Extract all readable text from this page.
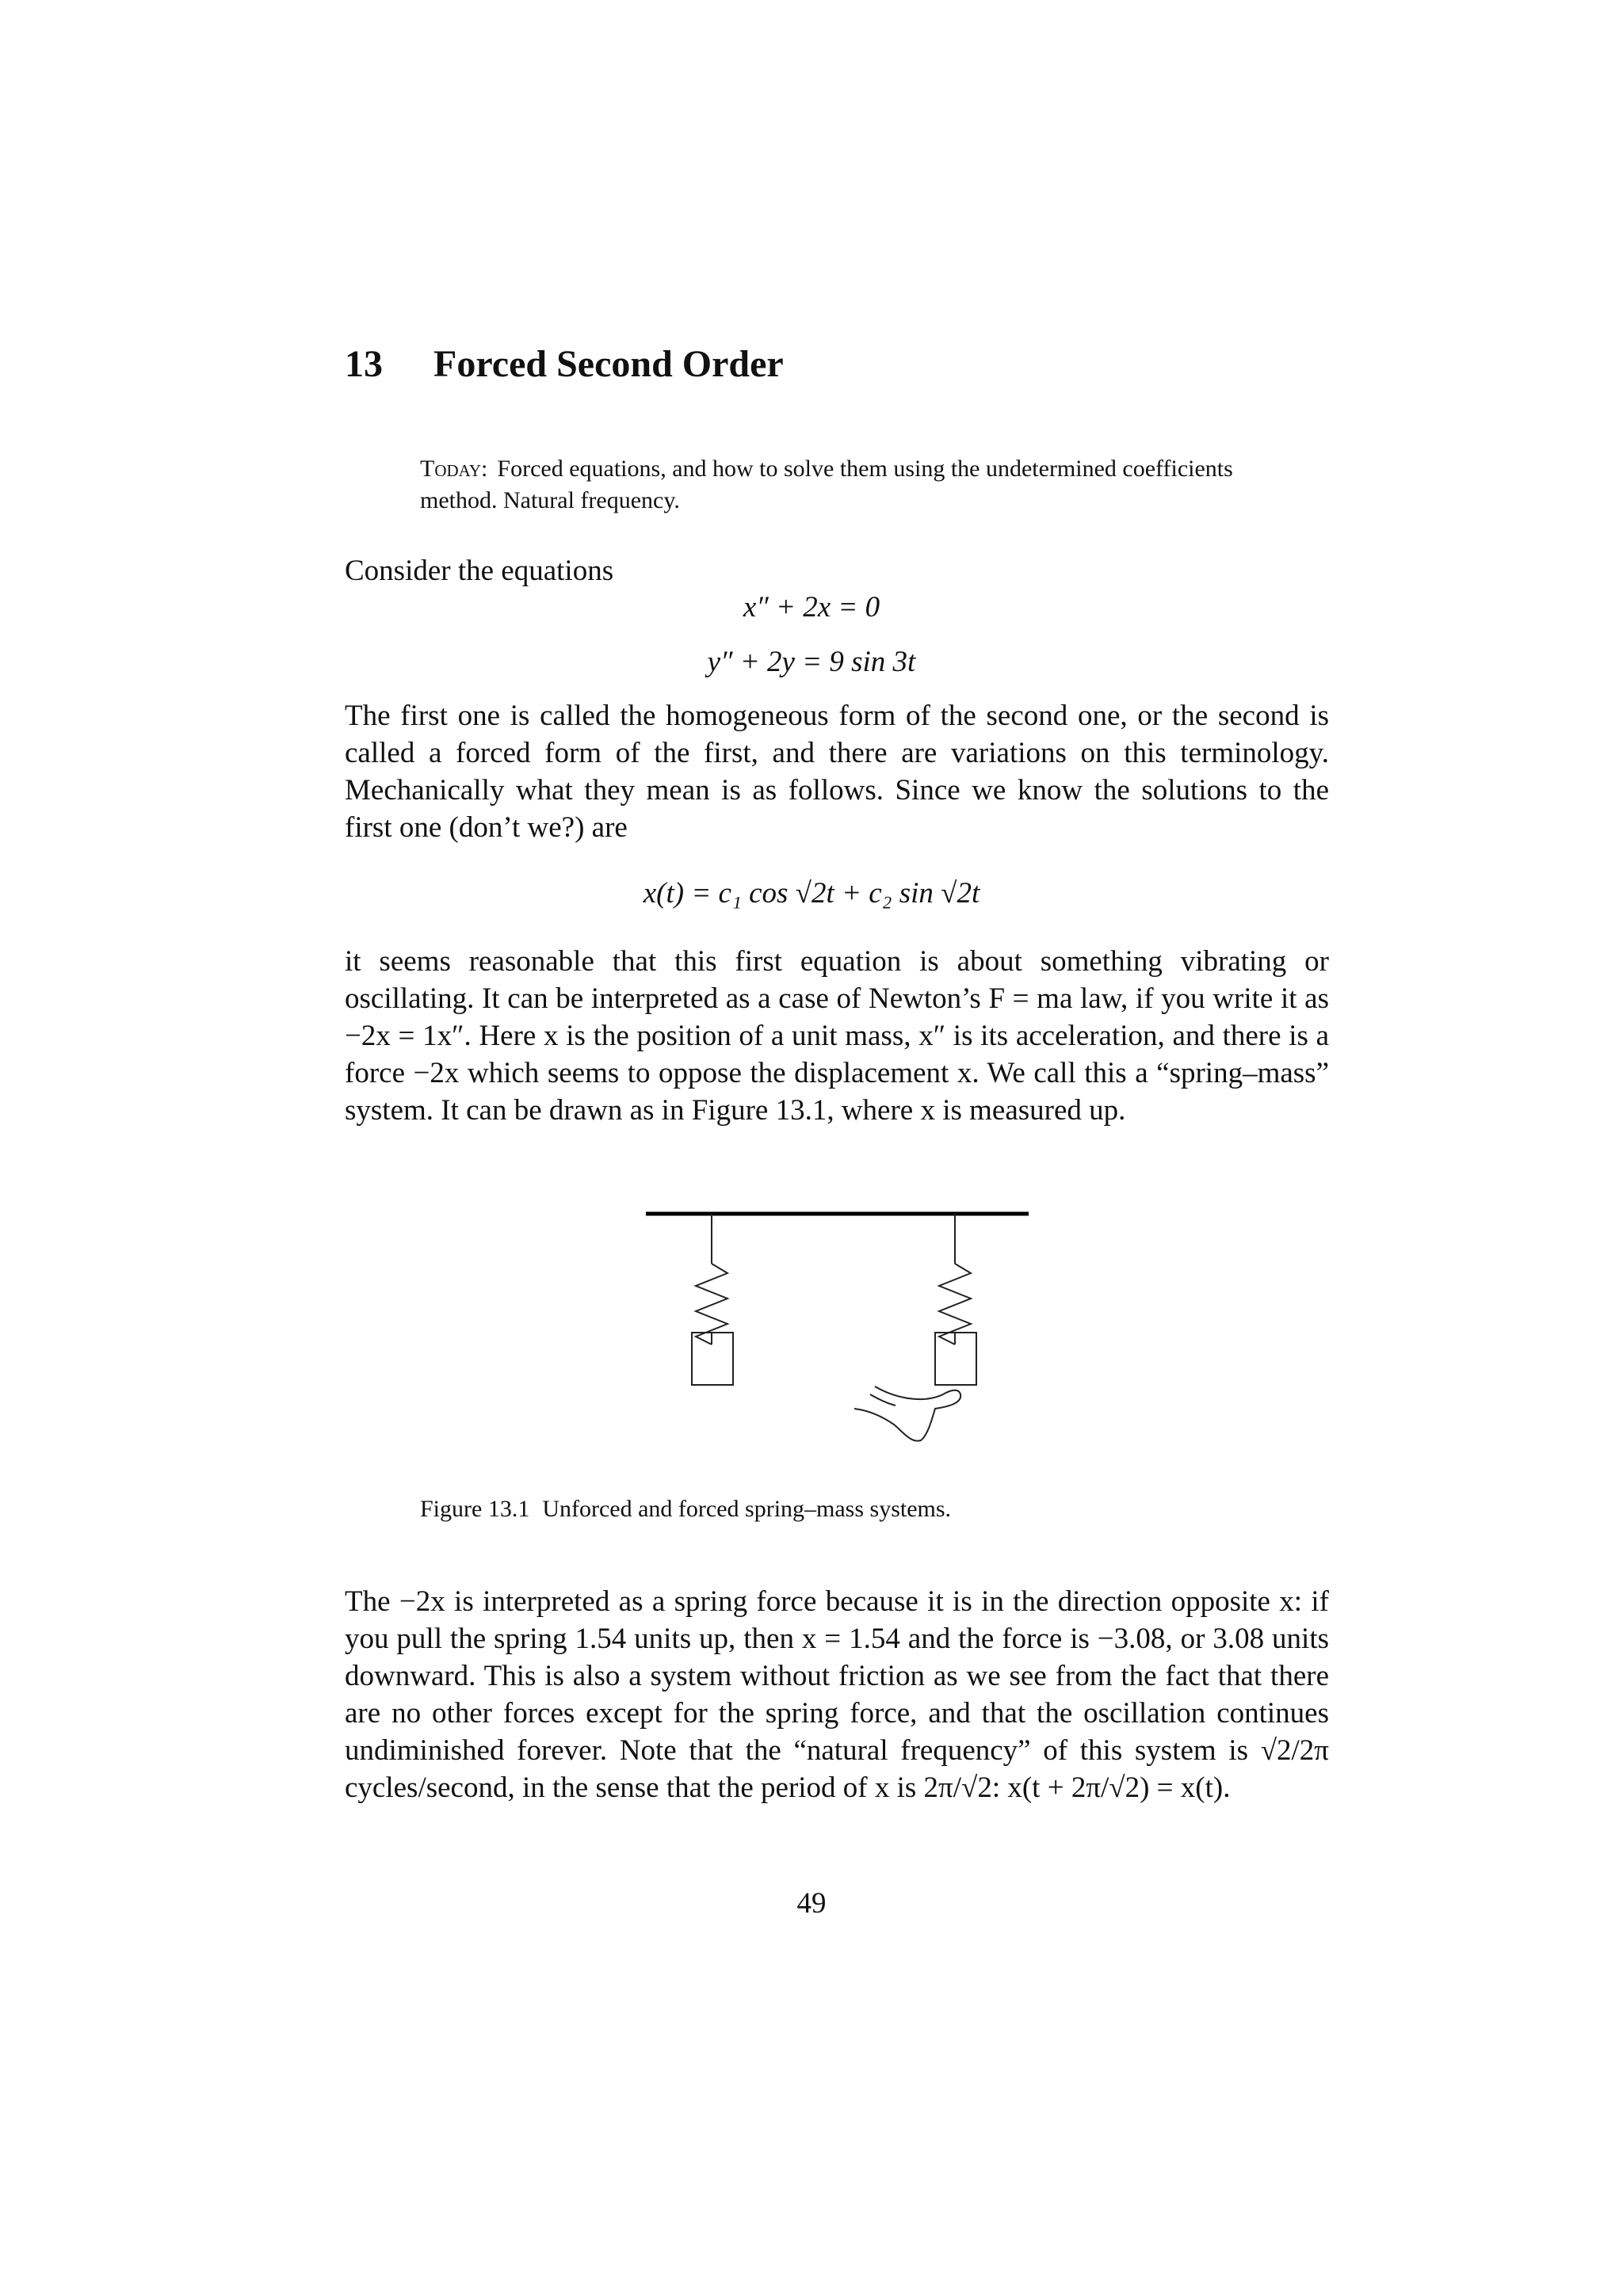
13 Forced Second Order
Today: Forced equations, and how to solve them using the undetermined coefficients method. Natural frequency.

Consider the equations

x″ + 2x = 0
y″ + 2y = 9 sin 3t

The first one is called the homogeneous form of the second one, or the second is called a forced form of the first, and there are variations on this terminology. Mechanically what they mean is as follows. Since we know the solutions to the first one (don’t we?) are

x(t) = c₁ cos √2t + c₂ sin √2t

it seems reasonable that this first equation is about something vibrating or oscillating. It can be interpreted as a case of Newton’s F = ma law, if you write it as −2x = 1x″. Here x is the position of a unit mass, x″ is its acceleration, and there is a force −2x which seems to oppose the displacement x. We call this a “spring–mass” system. It can be drawn as in Figure 13.1, where x is measured up.

Figure 13.1 Unforced and forced spring–mass systems.

The −2x is interpreted as a spring force because it is in the direction opposite x: if you pull the spring 1.54 units up, then x = 1.54 and the force is −3.08, or 3.08 units downward. This is also a system without friction as we see from the fact that there are no other forces except for the spring force, and that the oscillation continues undiminished forever. Note that the “natural frequency” of this system is √2/2π cycles/second, in the sense that the period of x is 2π/√2: x(t + 2π/√2) = x(t).

49
